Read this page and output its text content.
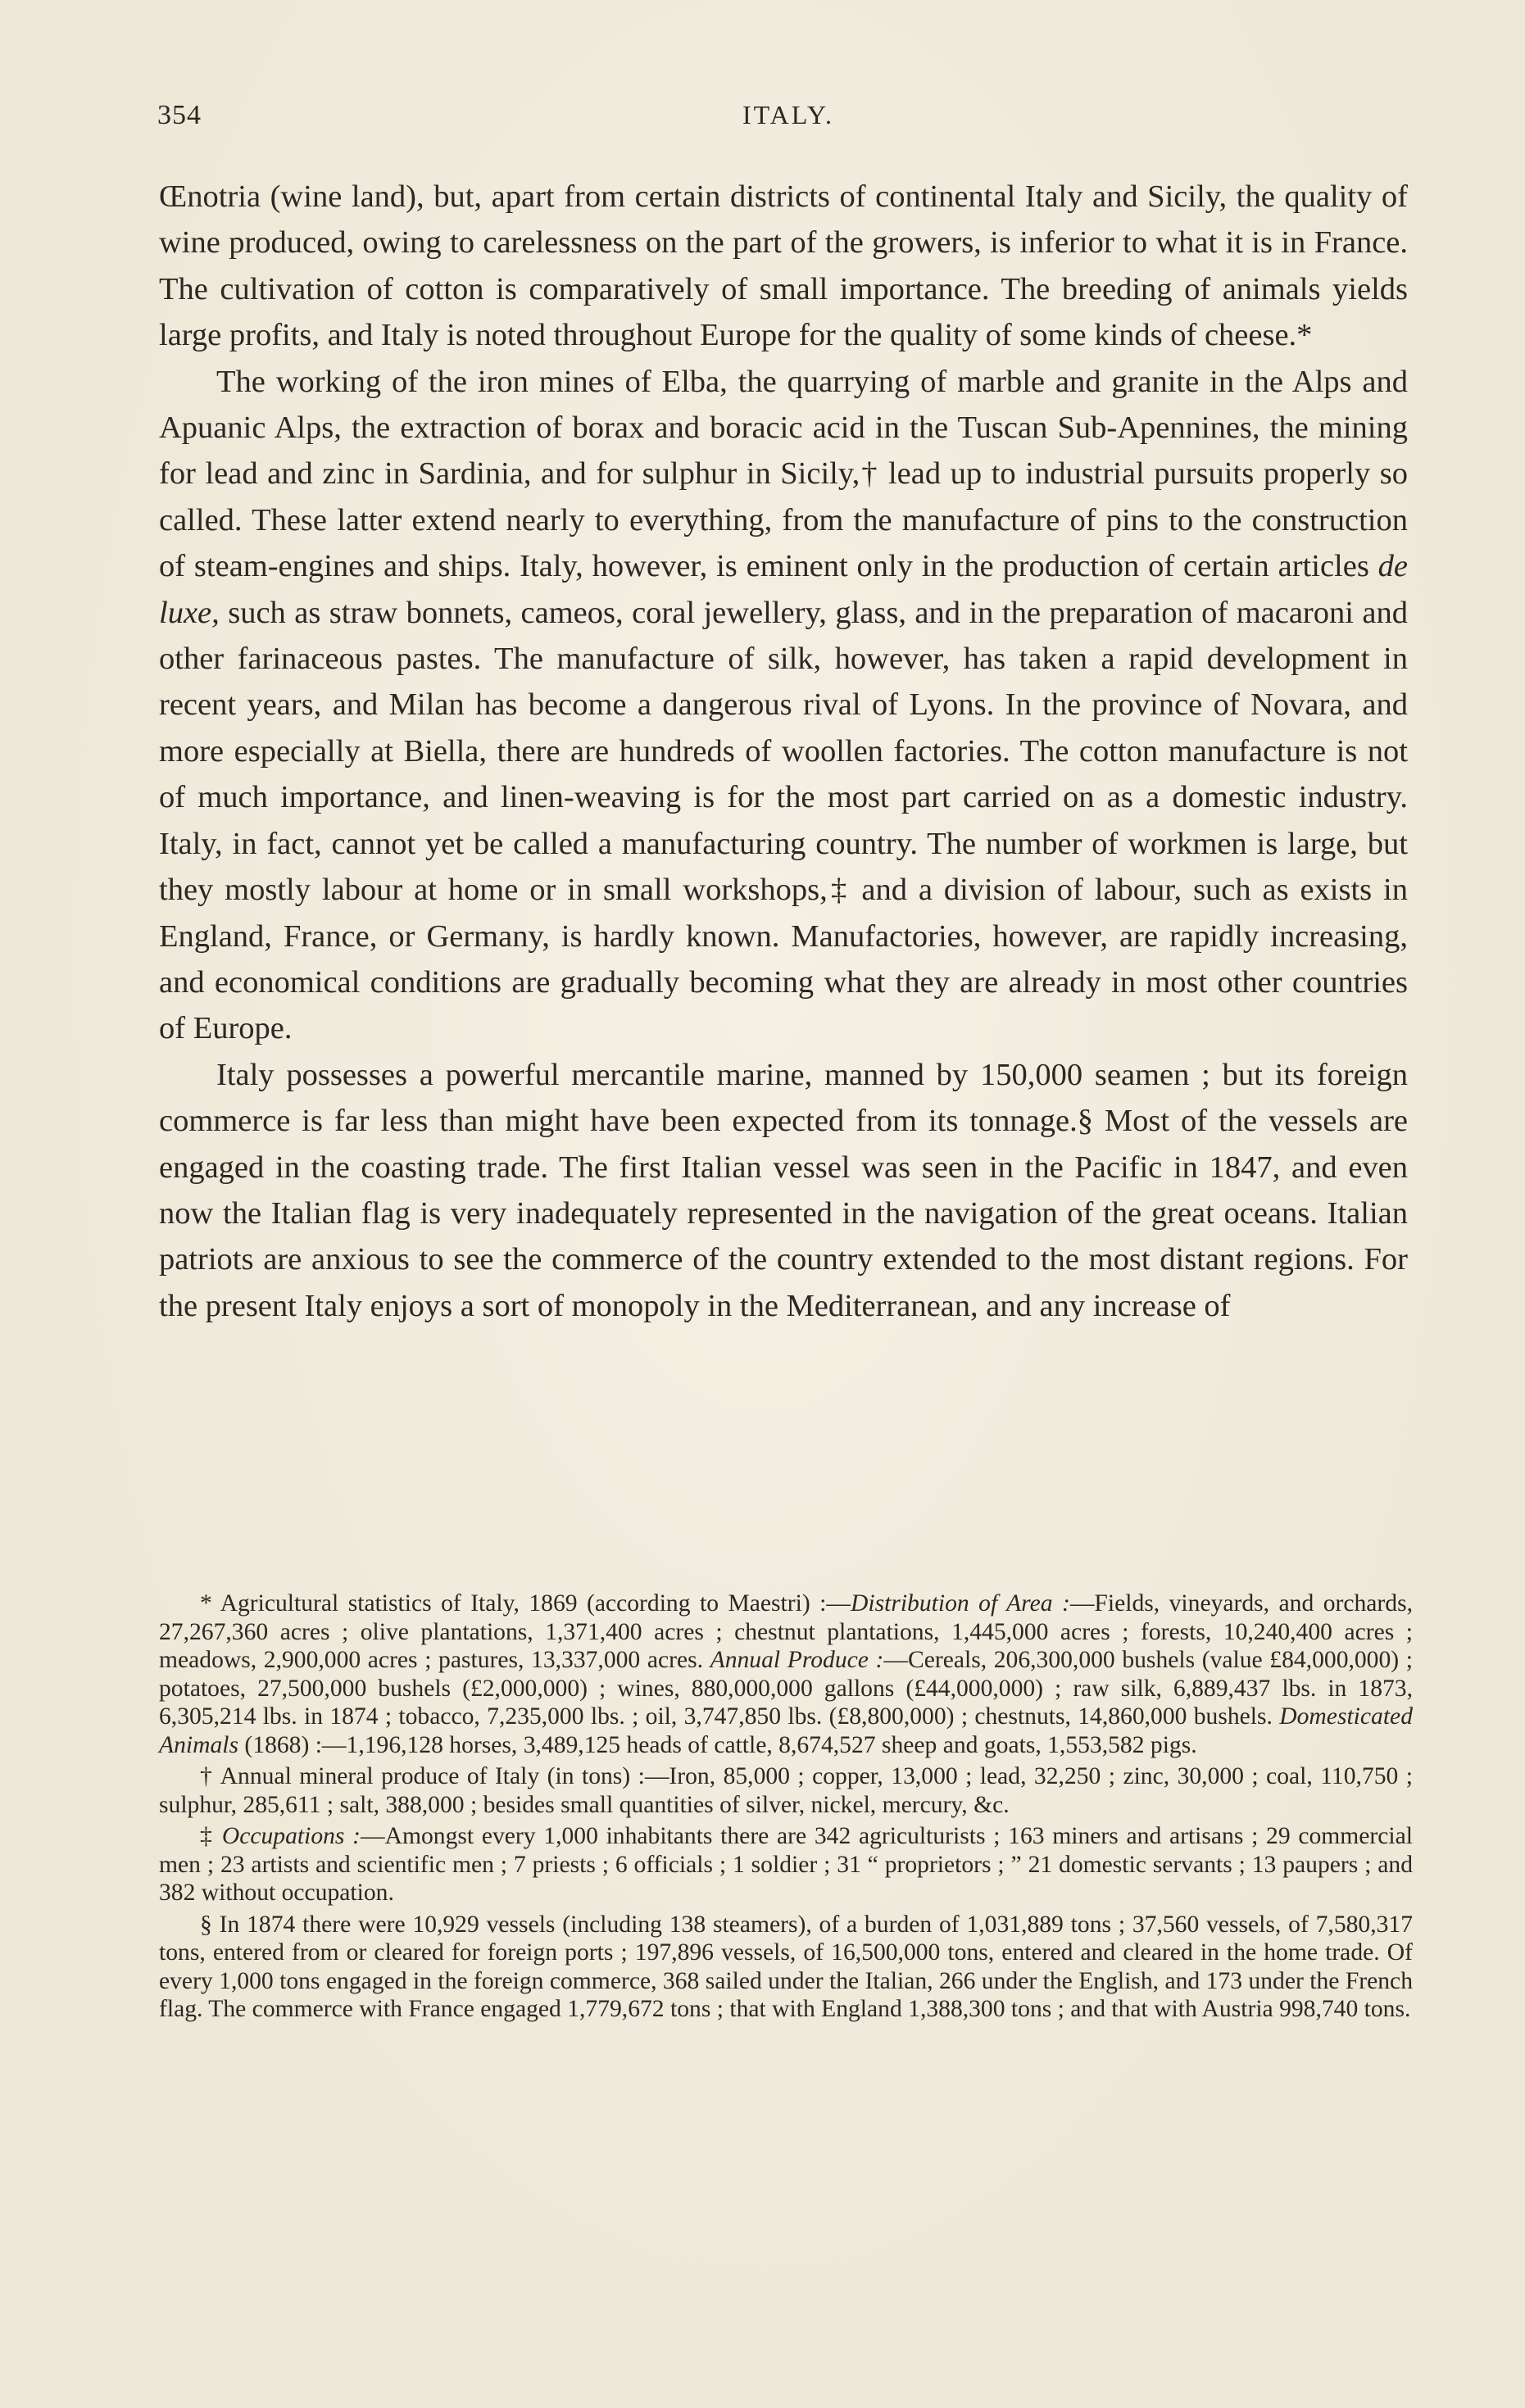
354	ITALY.

Œnotria (wine land), but, apart from certain districts of continental Italy and Sicily, the quality of wine produced, owing to carelessness on the part of the growers, is inferior to what it is in France. The cultivation of cotton is comparatively of small importance. The breeding of animals yields large profits, and Italy is noted throughout Europe for the quality of some kinds of cheese.*

The working of the iron mines of Elba, the quarrying of marble and granite in the Alps and Apuanic Alps, the extraction of borax and boracic acid in the Tuscan Sub-Apennines, the mining for lead and zinc in Sardinia, and for sulphur in Sicily,† lead up to industrial pursuits properly so called. These latter extend nearly to everything, from the manufacture of pins to the construction of steam-engines and ships. Italy, however, is eminent only in the production of certain articles de luxe, such as straw bonnets, cameos, coral jewellery, glass, and in the preparation of macaroni and other farinaceous pastes. The manufacture of silk, however, has taken a rapid development in recent years, and Milan has become a dangerous rival of Lyons. In the province of Novara, and more especially at Biella, there are hundreds of woollen factories. The cotton manufacture is not of much importance, and linen-weaving is for the most part carried on as a domestic industry. Italy, in fact, cannot yet be called a manufacturing country. The number of workmen is large, but they mostly labour at home or in small workshops,‡ and a division of labour, such as exists in England, France, or Germany, is hardly known. Manufactories, however, are rapidly increasing, and economical conditions are gradually becoming what they are already in most other countries of Europe.

Italy possesses a powerful mercantile marine, manned by 150,000 seamen ; but its foreign commerce is far less than might have been expected from its tonnage.§ Most of the vessels are engaged in the coasting trade. The first Italian vessel was seen in the Pacific in 1847, and even now the Italian flag is very inadequately represented in the navigation of the great oceans. Italian patriots are anxious to see the commerce of the country extended to the most distant regions. For the present Italy enjoys a sort of monopoly in the Mediterranean, and any increase of

* Agricultural statistics of Italy, 1869 (according to Maestri) :—Distribution of Area :—Fields, vineyards, and orchards, 27,267,360 acres ; olive plantations, 1,371,400 acres ; chestnut plantations, 1,445,000 acres ; forests, 10,240,400 acres ; meadows, 2,900,000 acres ; pastures, 13,337,000 acres. Annual Produce :—Cereals, 206,300,000 bushels (value £84,000,000) ; potatoes, 27,500,000 bushels (£2,000,000) ; wines, 880,000,000 gallons (£44,000,000) ; raw silk, 6,889,437 lbs. in 1873, 6,305,214 lbs. in 1874 ; tobacco, 7,235,000 lbs. ; oil, 3,747,850 lbs. (£8,800,000) ; chestnuts, 14,860,000 bushels. Domesticated Animals (1868) :—1,196,128 horses, 3,489,125 heads of cattle, 8,674,527 sheep and goats, 1,553,582 pigs.

† Annual mineral produce of Italy (in tons) :—Iron, 85,000 ; copper, 13,000 ; lead, 32,250 ; zinc, 30,000 ; coal, 110,750 ; sulphur, 285,611 ; salt, 388,000 ; besides small quantities of silver, nickel, mercury, &c.

‡ Occupations :—Amongst every 1,000 inhabitants there are 342 agriculturists ; 163 miners and artisans ; 29 commercial men ; 23 artists and scientific men ; 7 priests ; 6 officials ; 1 soldier ; 31 “ proprietors ; ” 21 domestic servants ; 13 paupers ; and 382 without occupation.

§ In 1874 there were 10,929 vessels (including 138 steamers), of a burden of 1,031,889 tons ; 37,560 vessels, of 7,580,317 tons, entered from or cleared for foreign ports ; 197,896 vessels, of 16,500,000 tons, entered and cleared in the home trade. Of every 1,000 tons engaged in the foreign commerce, 368 sailed under the Italian, 266 under the English, and 173 under the French flag. The commerce with France engaged 1,779,672 tons ; that with England 1,388,300 tons ; and that with Austria 998,740 tons.
